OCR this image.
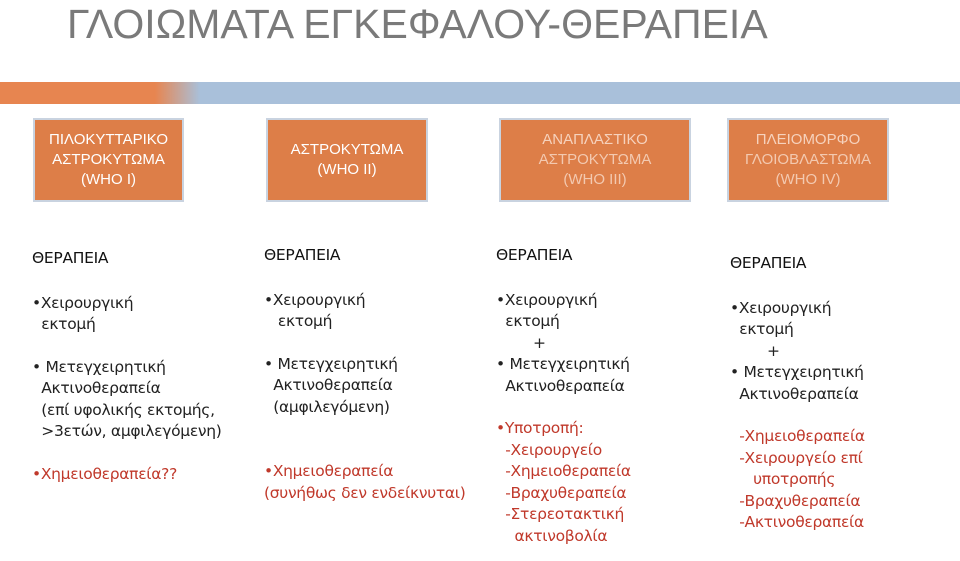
ΓΛΟΙΩΜΑΤΑ ΕΓΚΕΦΑΛΟΥ-ΘΕΡΑΠΕΙΑ
ΠΙΛΟΚΥΤΤΑΡΙΚΟ
ΑΣΤΡΟΚΥΤΩΜΑ
(WHO I)
ΑΣΤΡΟΚΥΤΩΜΑ
(WHO II)
ΑΝΑΠΛΑΣΤΙΚΟ
ΑΣΤΡΟΚΥΤΩΜΑ
(WHO III)
ΠΛΕΙΟΜΟΡΦΟ
ΓΛΟΙΟΒΛΑΣΤΩΜΑ
(WHO IV)
ΘΕΡΑΠΕΙΑ
•Χειρουργική
εκτομή
• Μετεγχειρητική
Ακτινοθεραπεία
(επί υφολικής εκτομής,
>3ετών, αμφιλεγόμενη)
•Χημειοθεραπεία??
ΘΕΡΑΠΕΙΑ
•Χειρουργική
εκτομή
• Μετεγχειρητική
Ακτινοθεραπεία
(αμφιλεγόμενη)
•Χημειοθεραπεία
(συνήθως δεν ενδείκνυται)
ΘΕΡΑΠΕΙΑ
•Χειρουργική
εκτομή
+
• Μετεγχειρητική
Ακτινοθεραπεία
•Υποτροπή:
-Χειρουργείο
-Χημειοθεραπεία
-Βραχυθεραπεία
-Στερεοτακτική
ακτινοβολία
ΘΕΡΑΠΕΙΑ
•Χειρουργική
εκτομή
+
• Μετεγχειρητική
Ακτινοθεραπεία
-Χημειοθεραπεία
-Χειρουργείο επί
υποτροπής
-Βραχυθεραπεία
-Ακτινοθεραπεία
